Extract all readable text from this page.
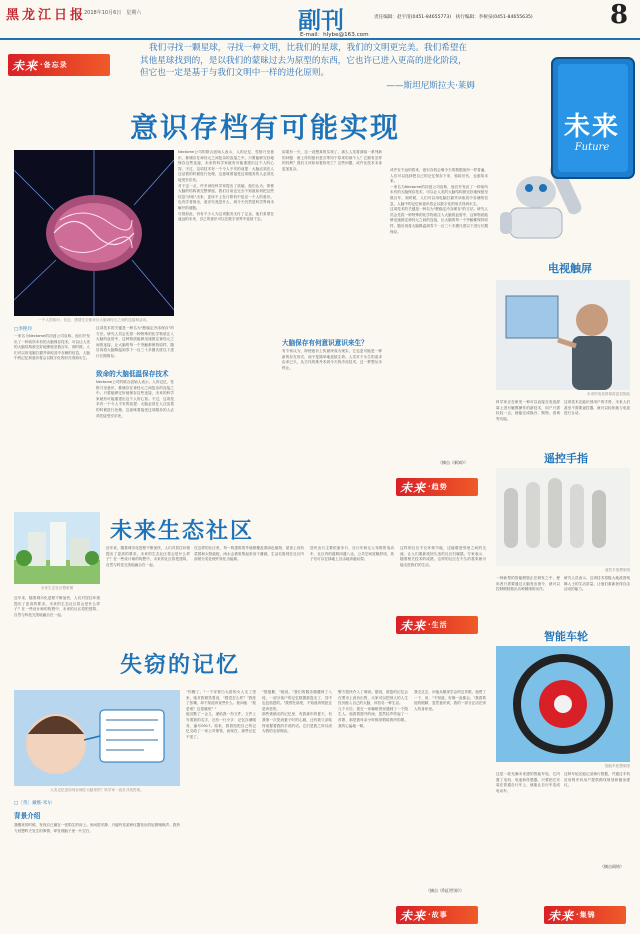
黑龙江日报
2018年10月6日　星期六	副刊
E-mail：hlybe@163.com
责任编辑：赵宇清(0451-84655773)　执行编辑：李树泉(0451-84655635)	8
未来 ·备忘录

我们寻找一颗星球，寻找一种文明，比我们的星球，我们的文明更完美。我们希望在其他星球找到的，是以我们的蒙昧过去为原型的东西，它也许已进入更高的进化阶段，但它也一定是基于与我们文明中一样的进化原则。

——斯坦尼斯拉夫·莱姆

未来
Future
意识存档有可能实现
一个人的知识、信念、感情完全都来自大脑神经元之间的连接和活动。

Nectome公司的联合创始人表示，人的记忆、性格乃至意识，都储存在神经元之间复杂的连接之中。只要能够完好地保存这些连接，未来的科学家就有可能重建出这个人的心智。不过，这项技术有一个令人不安的前提：大脑必须在人还活着的时候进行处理，这意味着接受这项服务的人必须先接受安乐死。

对于这一点，许多神经科学家提出了质疑。他们认为，即使大脑的结构被完整保留，我们目前也完全不知道如何把这些信息"读取"出来，更谈不上在计算机中复活一个人的意识。也有学者指出，意识究竟是什么，到今天仍然是科学界尚未解开的谜题。

尽管如此，仍有不少人为这项服务支付了定金，他们希望在遥远的未来，自己的意识可以在数字世界中延续下去。

如果有一天，这一设想真的实现了，那么人类将面临一系列新的问题：被上传的意识是否等同于原来的那个人？它拥有怎样的权利？我们又该如何看待死亡？这些问题，或许比技术本身更加复杂。
大脑保存有何意识意识来生？
有专家认为，即使意识上传最终成为现实，它也更可能是一种新的存在形式，而不是简单地延续生命。人类对于永生的追求由来已久，从古代的炼丹术到今天的冷冻技术，这一梦想从未停止。

或许在不远的将来，意识存档会像今天的数据备份一样普遍，人们可以选择把自己的记忆保存下来，留给后代，也留给未来。

一家名为Nectome的初创公司宣称，他们开发出了一种前所未有的大脑保存技术，可以让人类的大脑结构被完好地保留至数百年，到时候，人们可以用电脑扫描并读取其中存储的信息，人脑中的记忆和意识将会以数字化的形式得到永生。

这项技术的关键是一种名为"醛稳定冷冻保存"的方法。研究人员会先将一种特殊的化学物质注入大脑的血管中，这种物质能够迅速固定神经元之间的连接，让大脑的每一个突触都保持原样，随后再将大脑降温到零下一百三十多摄氏度以下进行长期保存。

（摘自《新知》）
□李艳玲
一家名为Nectome的初创公司宣称，他们开发出了一种前所未有的大脑保存技术，可以让人类的大脑结构被完好地保留至数百年，到时候，人们可以用电脑扫描并读取其中存储的信息，人脑中的记忆和意识将会以数字化的形式得到永生。
这项技术的关键是一种名为"醛稳定冷冻保存"的方法。研究人员会先将一种特殊的化学物质注入大脑的血管中，这种物质能够迅速固定神经元之间的连接，让大脑的每一个突触都保持原样，随后再将大脑降温到零下一百三十多摄氏度以下进行长期保存。
致命的大脑低温保存技术
Nectome公司的联合创始人表示，人的记忆、性格乃至意识，都储存在神经元之间复杂的连接之中。只要能够完好地保存这些连接，未来的科学家就有可能重建出这个人的心智。不过，这项技术有一个令人不安的前提：大脑必须在人还活着的时候进行处理，这意味着接受这项服务的人必须先接受安乐死。
未来 ·趋势
未来生态社区
未来生态社区想象图
近年来，随着城市化进程不断加快，人们对居住环境提出了更高的要求。未来的生态社区将会是什么样子？在一些设计师的构想中，未来的社区将把建筑、自然与科技完美地融合在一起。
近年来，随着城市化进程不断加快，人们对居住环境提出了更高的要求。未来的生态社区将会是什么样子？在一些设计师的构想中，未来的社区将把建筑、自然与科技完美地融合在一起。
在这样的社区里，每一栋建筑的外墙都覆盖着绿色植物，屋顶上设有菜园和太阳能板，雨水会被收集起来用于灌溉，生活垃圾则在社区内部被分类处理并转化为能源。
居民出行主要依靠步行、自行车和无人驾驶的电动车，社区内的道路四通八达，公共空间宽敞舒适，孩子们可以在绿地上自由地奔跑玩耍。
这样的社区不仅环保节能，还能增进邻里之间的交流，让人们重新找回久违的社区归属感。专家表示，随着相关技术的成熟，这样的社区在不久的将来就可能走进我们的生活。
未来 ·生活
失窃的记忆
人类记忆是如何存储在大脑里的？科学家一直在寻找答案。
□［英］戴维·米尔
背景介绍
我醒来的时候，发现自己躺在一张陌生的床上。房间很安静，只能听见某种仪器发出的轻微嗡嗡声。我努力回想昨天发生的事情，却发现脑子里一片空白。

"你醒了。"一个穿着白大褂的女人走了进来，她对我微笑着说，"感觉怎么样？"我张了张嘴，却不知道该说些什么。我问她："我是谁？这是哪里？"

她沉默了一会儿，递给我一份文件。文件上写着我的名字，还有一行小字：记忆存储服务，编号0917。原来，我曾经把自己的记忆交给了一家公司保管，而现在，那些记忆不见了。

"很抱歉，"她说，"我们的服务器遭到了入侵，一部分客户的记忆数据被盗走了，其中也包括您的。"我愣在那里，不知道该愤怒还是该悲伤。

那些被偷走的记忆里，有我童年的夏天，有我第一次见到妻子时的心跳，还有我父亲临终前握着我的手说的话。它们是我之所以成为我的全部理由。

警方很快介入了调查。据说，被盗的记忆会在黑市上高价出售，买家可以把别人的人生经历植入自己的大脑，体验另一种生活。

几个月后，我在一家咖啡馆里遇到了一个陌生人。他看着窗外的雨，忽然轻声哼起了一首歌，那是我母亲小时候常唱给我听的歌。我的心猛地一紧。

我走过去，问他从哪里学会的这首歌。他愣了一下，说："不知道，好像一直都会。"我看着他的眼睛，忽然意识到，我的一部分正活在别人的身体里。

（摘自《科幻世界》）
未来 ·故事
电视触屏
未来的电视屏幕将更加智能
科学家正在研发一种可以直接在电视屏幕上进行触摸操作的新技术，用户只需轻轻一点，就能完成换台、购物、查询等功能。
这项技术还能识别用户的手势，未来人们甚至不需要遥控器，就可以轻松地与电视进行互动。
遥控手指
遥控手指想象图
一种新型的智能假肢正在研发之中，使用者只需要通过大脑发出指令，就可以控制假肢做出各种精细的动作。
研究人员表示，这项技术将极大地改善残障人士的生活质量，让他们重新获得自由活动的能力。
智能车轮
智能车轮想象图
这是一款充满未来感的智能车轮，它内置了电机、电池和传感器，只要把它安装在普通自行车上，就能让自行车变成电动车。
这种车轮还能记录骑行数据，并通过手机应用程序向用户提供路线规划和健身建议。
（摘自网络）
未来 ·集锦
